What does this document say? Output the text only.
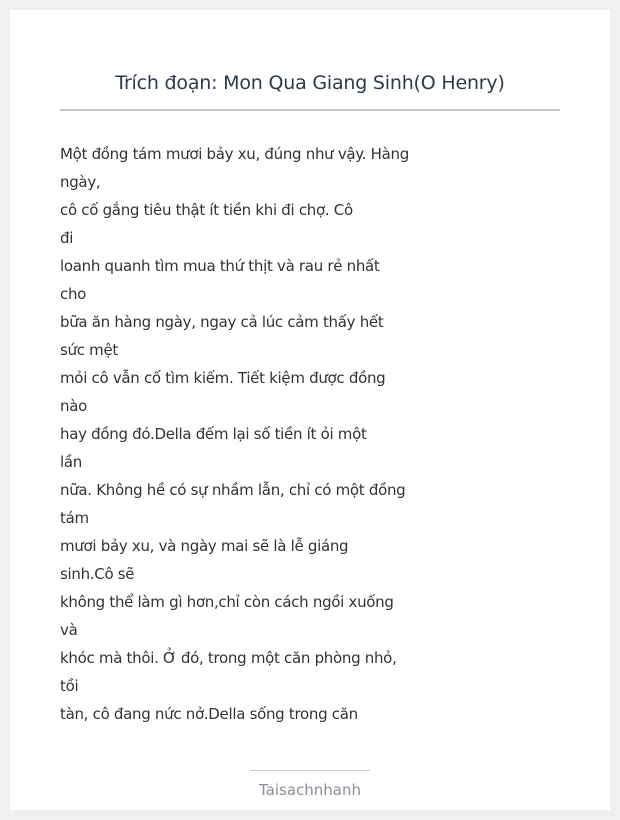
Trích đoạn: Mon Qua Giang Sinh(O Henry)
Một đồng tám mươi bảy xu, đúng như vậy. Hàng
ngày,
cô cố gắng tiêu thật ít tiền khi đi chợ. Cô
đi
loanh quanh tìm mua thứ thịt và rau rẻ nhất
cho
bữa ăn hàng ngày, ngay cả lúc cảm thấy hết
sức mệt
mỏi cô vẫn cố tìm kiếm. Tiết kiệm được đồng
nào
hay đồng đó.Della đếm lại số tiền ít ỏi một
lần
nữa. Không hề có sự nhầm lẫn, chỉ có một đồng
tám
mươi bảy xu, và ngày mai sẽ là lễ giáng
sinh.Cô sẽ
không thể làm gì hơn,chỉ còn cách ngồi xuống
và
khóc mà thôi. Ở đó, trong một căn phòng nhỏ,
tồi
tàn, cô đang nức nở.Della sống trong căn
Taisachnhanh
